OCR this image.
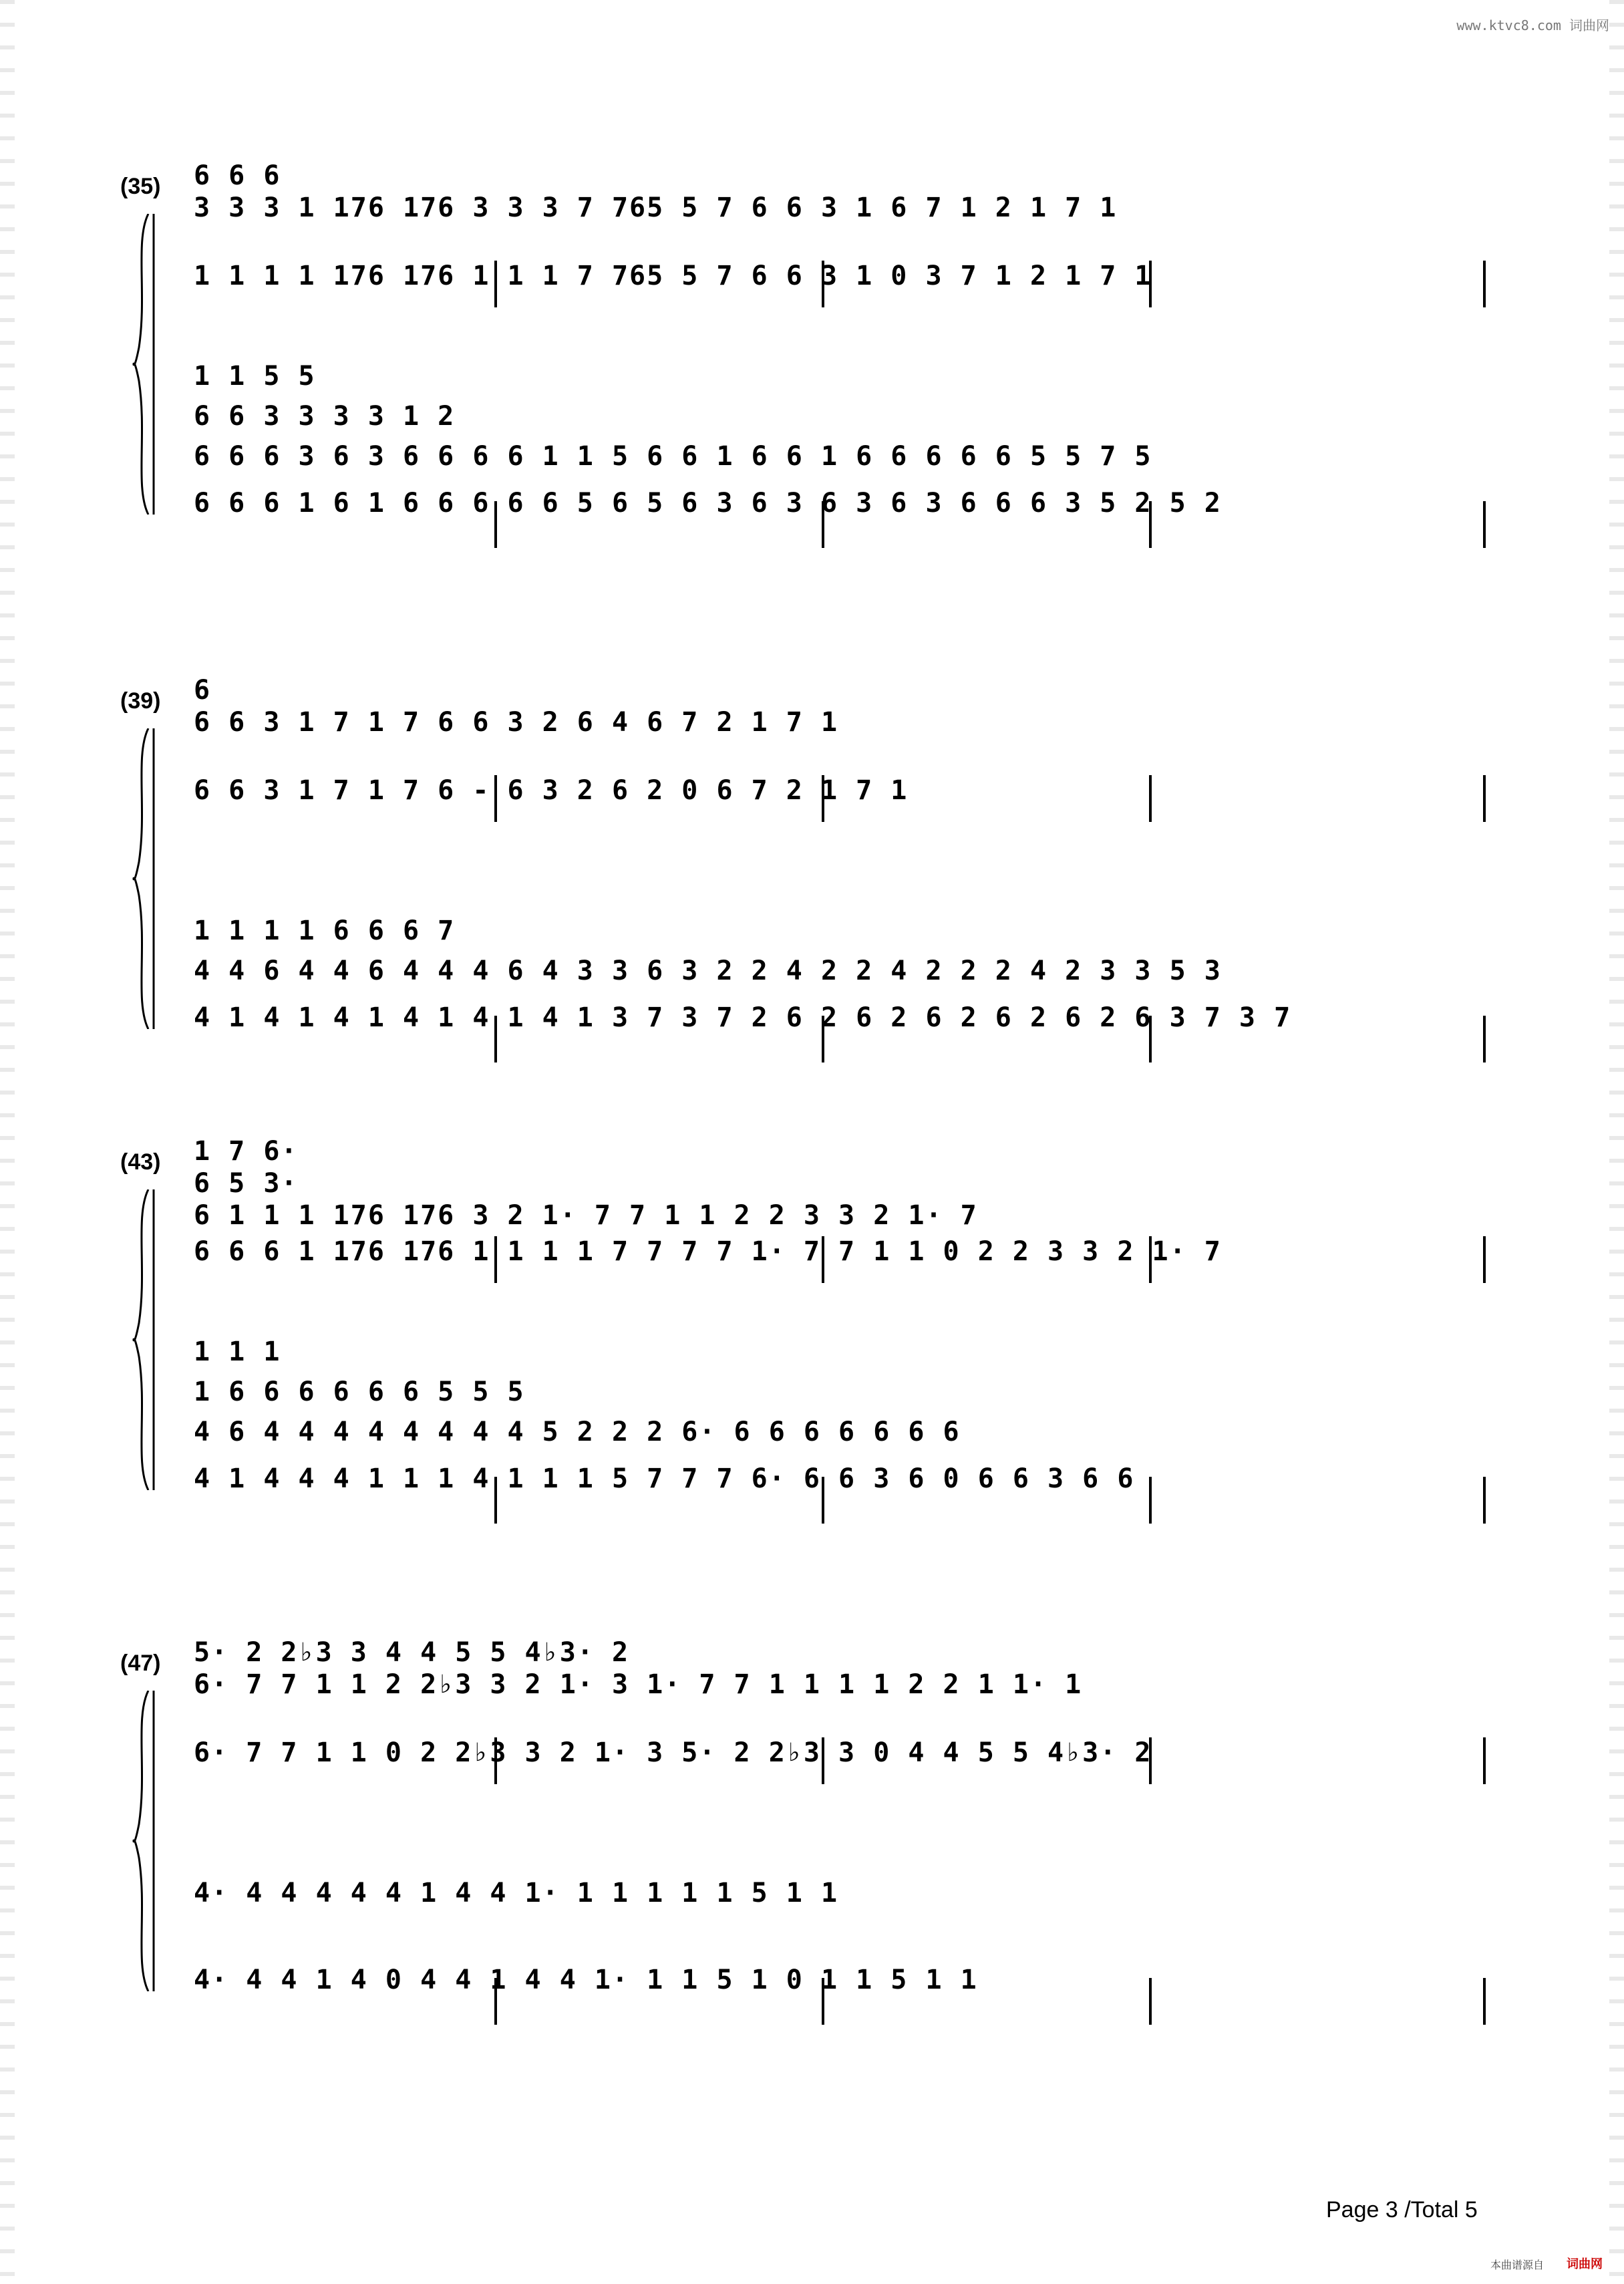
www.ktvc8.com 词曲网
(35) 6 6 6
3 3 3 1 176 176 3 3 3 7 765 5 7 6 6 3 1 6 7 1 2 1 7 1
1 1 1 1 176 176 1 1 1 7 765 5 7 6 6 3 1 0 3 7 1 2 1 7 1
1 1 5 5
6 6 3 3 3 3 1 2
6 6 6 3 6 3 6 6 6 6 1 1 5 6 6 1 6 6 1 6 6 6 6 6 5 5 7 5
6 6 6 1 6 1 6 6 6 6 6 5 6 5 6 3 6 3 6 3 6 3 6 6 6 3 5 2 5 2
(39) 6
6 6 3 1 7 1 7 6 6 3 2 6 4 6 7 2 1 7 1
6 6 3 1 7 1 7 6 - 6 3 2 6 2 0 6 7 2 1 7 1
1 1 1 1 6 6 6 7
4 4 6 4 4 6 4 4 4 6 4 3 3 6 3 2 2 4 2 2 4 2 2 2 4 2 3 3 5 3
4 1 4 1 4 1 4 1 4 1 4 1 3 7 3 7 2 6 2 6 2 6 2 6 2 6 2 6 3 7 3 7
(43) 1 7 6·
6 5 3·
6 1 1 1 176 176 3 2 1· 7 7 1 1 2 2 3 3 2 1· 7
6 6 6 1 176 176 1 1 1 1 7 7 7 7 1· 7 7 1 1 0 2 2 3 3 2 1· 7
1 1 1
1 6 6 6 6 6 6 5 5 5
4 6 4 4 4 4 4 4 4 4 5 2 2 2 6· 6 6 6 6 6 6 6
4 1 4 4 4 1 1 1 4 1 1 1 5 7 7 7 6· 6 6 3 6 0 6 6 3 6 6
(47) 5· 2 2♭3 3 4 4 5 5 4♭3· 2
6· 7 7 1 1 2 2♭3 3 2 1· 3 1· 7 7 1 1 1 1 2 2 1 1· 1
6· 7 7 1 1 0 2 2♭3 3 2 1· 3 5· 2 2♭3 3 0 4 4 5 5 4♭3· 2
4· 4 4 4 4 4 1 4 4 1· 1 1 1 1 1 5 1 1
4· 4 4 1 4 0 4 4 1 4 4 1· 1 1 5 1 0 1 1 5 1 1
Page 3 /Total 5
本曲谱源自 词曲网
